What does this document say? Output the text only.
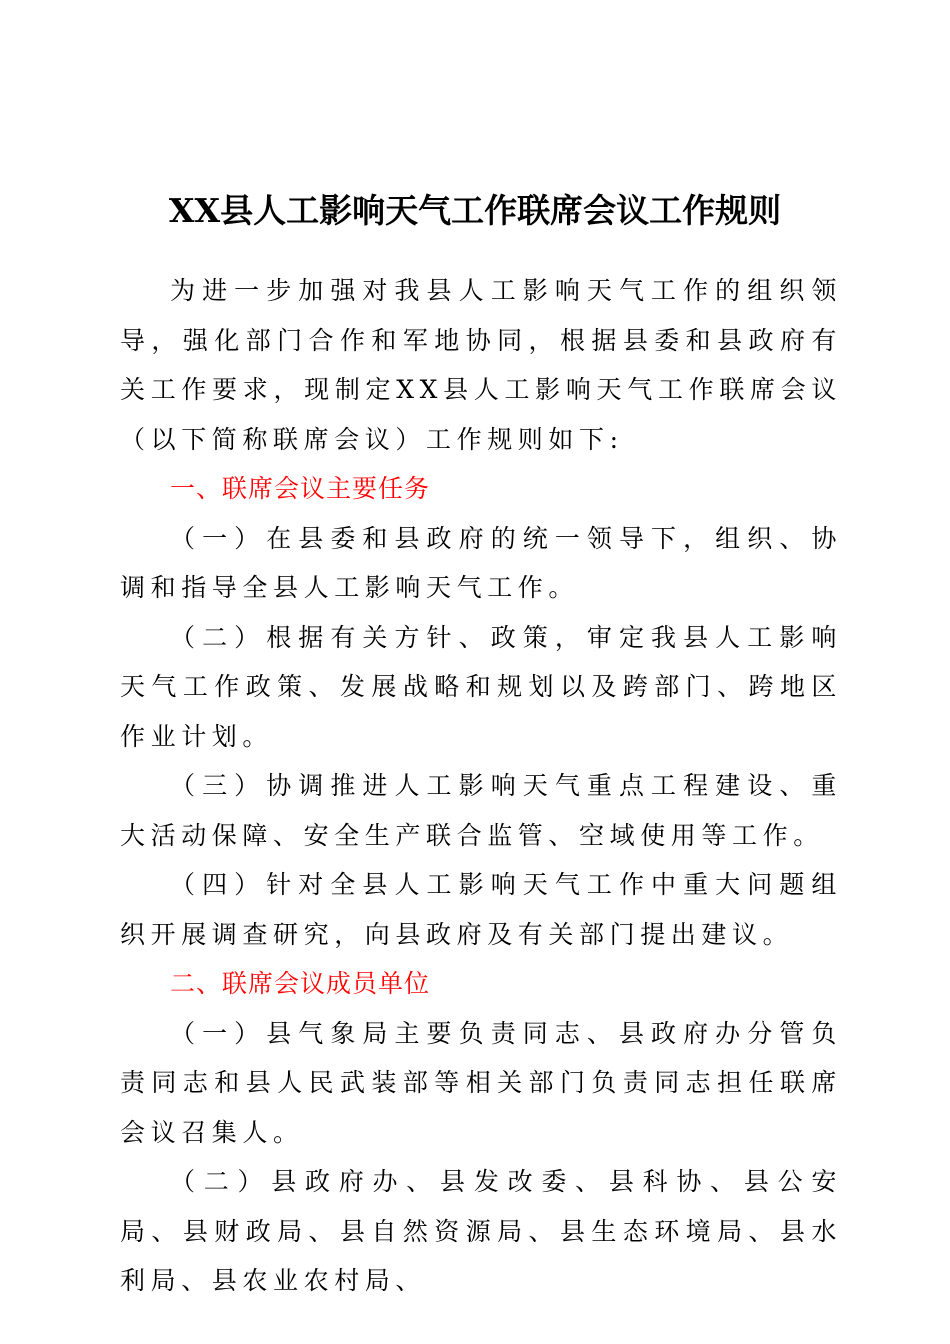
XX县人工影响天气工作联席会议工作规则

为进一步加强对我县人工影响天气工作的组织领导，强化部门合作和军地协同，根据县委和县政府有关工作要求，现制定XX县人工影响天气工作联席会议（以下简称联席会议）工作规则如下:

一、联席会议主要任务

（一）在县委和县政府的统一领导下，组织、协调和指导全县人工影响天气工作。

（二）根据有关方针、政策，审定我县人工影响天气工作政策、发展战略和规划以及跨部门、跨地区作业计划。

（三）协调推进人工影响天气重点工程建设、重大活动保障、安全生产联合监管、空域使用等工作。

（四）针对全县人工影响天气工作中重大问题组织开展调查研究，向县政府及有关部门提出建议。

二、联席会议成员单位

（一）县气象局主要负责同志、县政府办分管负责同志和县人民武装部等相关部门负责同志担任联席会议召集人。

（二）县政府办、县发改委、县科协、县公安局、县财政局、县自然资源局、县生态环境局、县水利局、县农业农村局、
